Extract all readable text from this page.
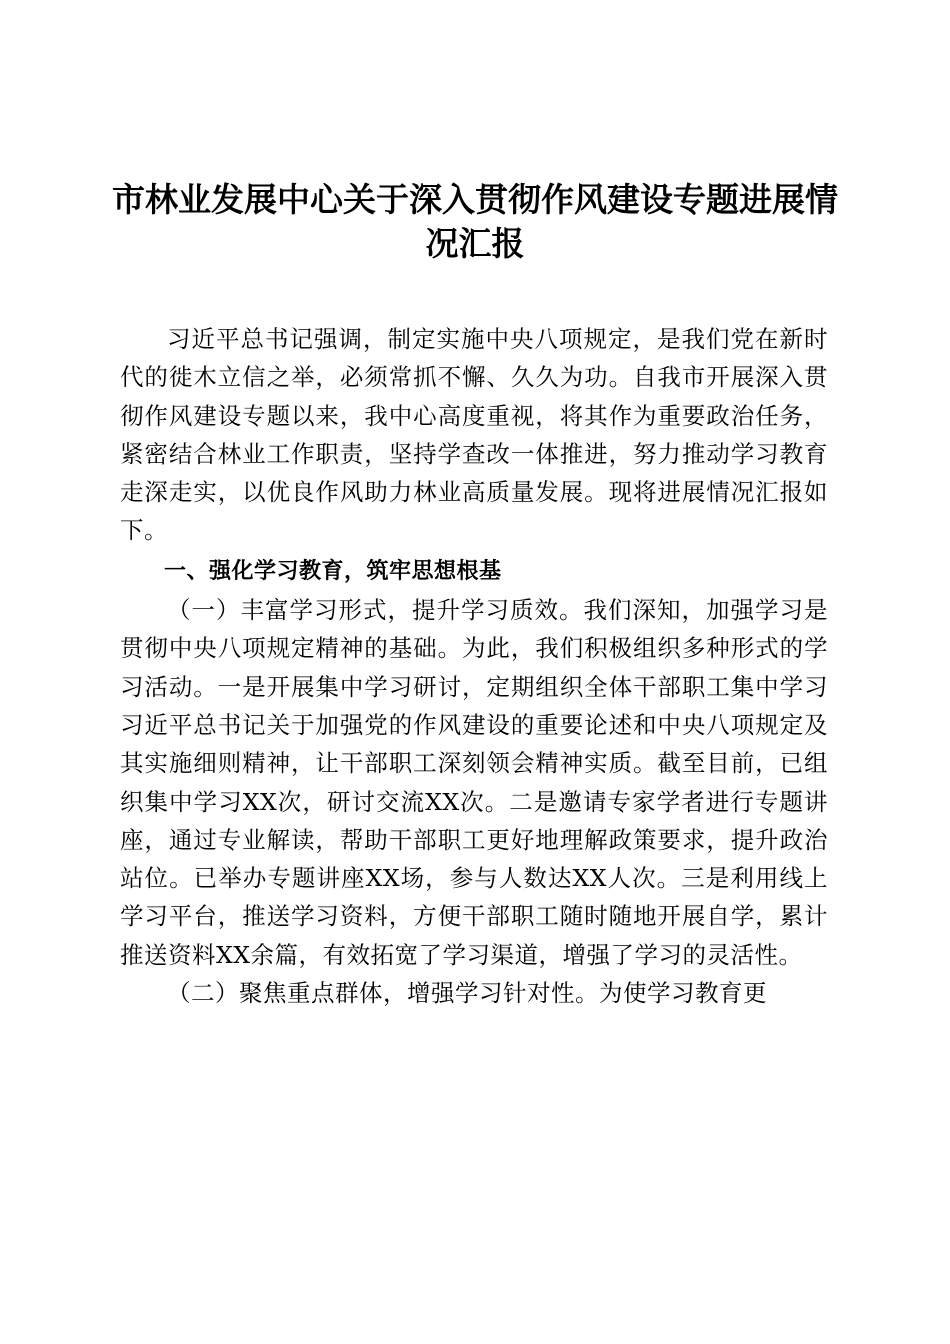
市林业发展中心关于深入贯彻作风建设专题进展情况汇报

习近平总书记强调，制定实施中央八项规定，是我们党在新时代的徙木立信之举，必须常抓不懈、久久为功。自我市开展深入贯彻作风建设专题以来，我中心高度重视，将其作为重要政治任务，紧密结合林业工作职责，坚持学查改一体推进，努力推动学习教育走深走实，以优良作风助力林业高质量发展。现将进展情况汇报如下。

一、强化学习教育，筑牢思想根基

（一）丰富学习形式，提升学习质效。我们深知，加强学习是贯彻中央八项规定精神的基础。为此，我们积极组织多种形式的学习活动。一是开展集中学习研讨，定期组织全体干部职工集中学习习近平总书记关于加强党的作风建设的重要论述和中央八项规定及其实施细则精神，让干部职工深刻领会精神实质。截至目前，已组织集中学习XX次，研讨交流XX次。二是邀请专家学者进行专题讲座，通过专业解读，帮助干部职工更好地理解政策要求，提升政治站位。已举办专题讲座XX场，参与人数达XX人次。三是利用线上学习平台，推送学习资料，方便干部职工随时随地开展自学，累计推送资料XX余篇，有效拓宽了学习渠道，增强了学习的灵活性。

（二）聚焦重点群体，增强学习针对性。为使学习教育更
